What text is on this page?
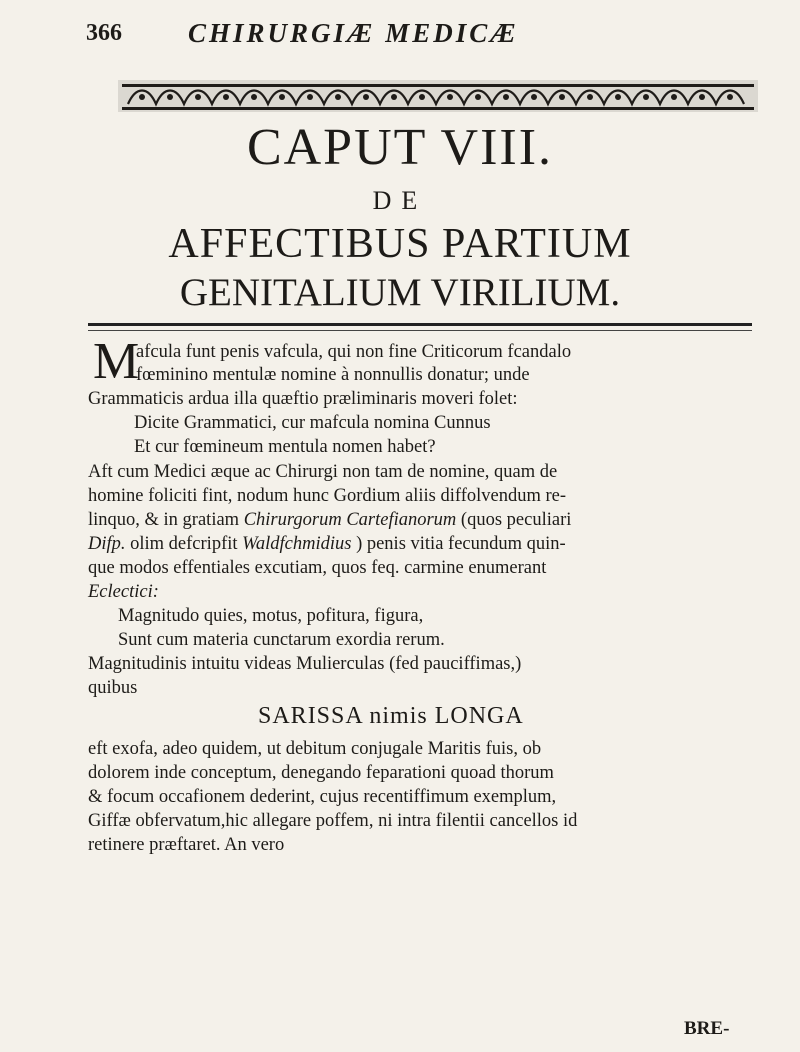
366 CHIRURGIÆ MEDICÆ
CAPUT VIII.
DE
AFFECTIBUS PARTIUM
GENITALIUM VIRILIUM.
M
afcula funt penis vafcula, qui non fine Criticorum fcandalo
fœminino mentulæ nomine à nonnullis donatur; unde
Grammaticis ardua illa quæftio præliminaris moveri folet:
Dicite Grammatici, cur mafcula nomina Cunnus
Et cur fœmineum mentula nomen habet?
Aft cum Medici æque ac Chirurgi non tam de nomine, quam de
homine foliciti fint, nodum hunc Gordium aliis diffolvendum re-
linquo, & in gratiam Chirurgorum Cartefianorum (quos peculiari
Difp. olim defcripfit Waldfchmidius ) penis vitia fecundum quin-
que modos effentiales excutiam, quos feq. carmine enumerant
Eclectici:
Magnitudo quies, motus, pofitura, figura,
Sunt cum materia cunctarum exordia rerum.
Magnitudinis intuitu videas Mulierculas (fed pauciffimas,)
quibus
SARISSA nimis LONGA
eft exofa, adeo quidem, ut debitum conjugale Maritis fuis, ob
dolorem inde conceptum, denegando feparationi quoad thorum
& focum occafionem dederint, cujus recentiffimum exemplum,
Giffæ obfervatum,hic allegare poffem, ni intra filentii cancellos id
retinere præftaret. An vero
BRE-
